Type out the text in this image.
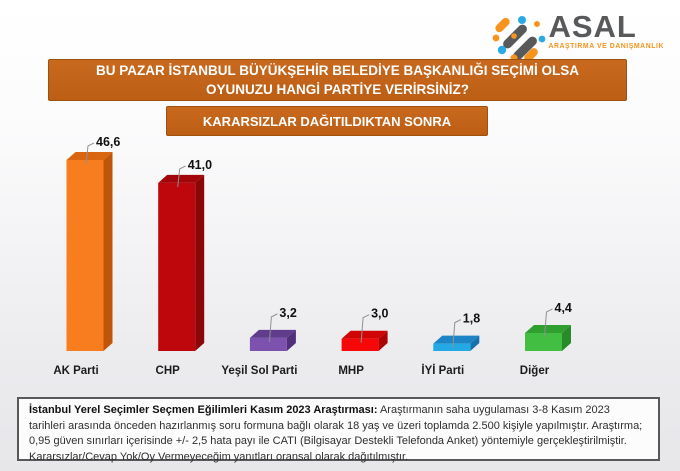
ASAL
ARAŞTIRMA VE DANIŞMANLIK
BU PAZAR İSTANBUL BÜYÜKŞEHİR BELEDİYE BAŞKANLIĞI SEÇİMİ OLSA OYUNUZU HANGİ PARTİYE VERİRSİNİZ?
KARARSIZLAR DAĞITILDIKTAN SONRA
46,6
AK Parti
41,0
CHP
3,2
Yeşil Sol Parti
3,0
MHP
1,8
İYİ Parti
4,4
Diğer
İstanbul Yerel Seçimler Seçmen Eğilimleri Kasım 2023 Araştırması: Araştırmanın saha uygulaması 3-8 Kasım 2023 tarihleri arasında önceden hazırlanmış soru formuna bağlı olarak 18 yaş ve üzeri toplamda 2.500 kişiyle yapılmıştır. Araştırma; 0,95 güven sınırları içerisinde +/- 2,5 hata payı ile CATI (Bilgisayar Destekli Telefonda Anket) yöntemiyle gerçekleştirilmiştir. Kararsızlar/Cevap Yok/Oy Vermeyeceğim yanıtları oransal olarak dağıtılmıştır.
